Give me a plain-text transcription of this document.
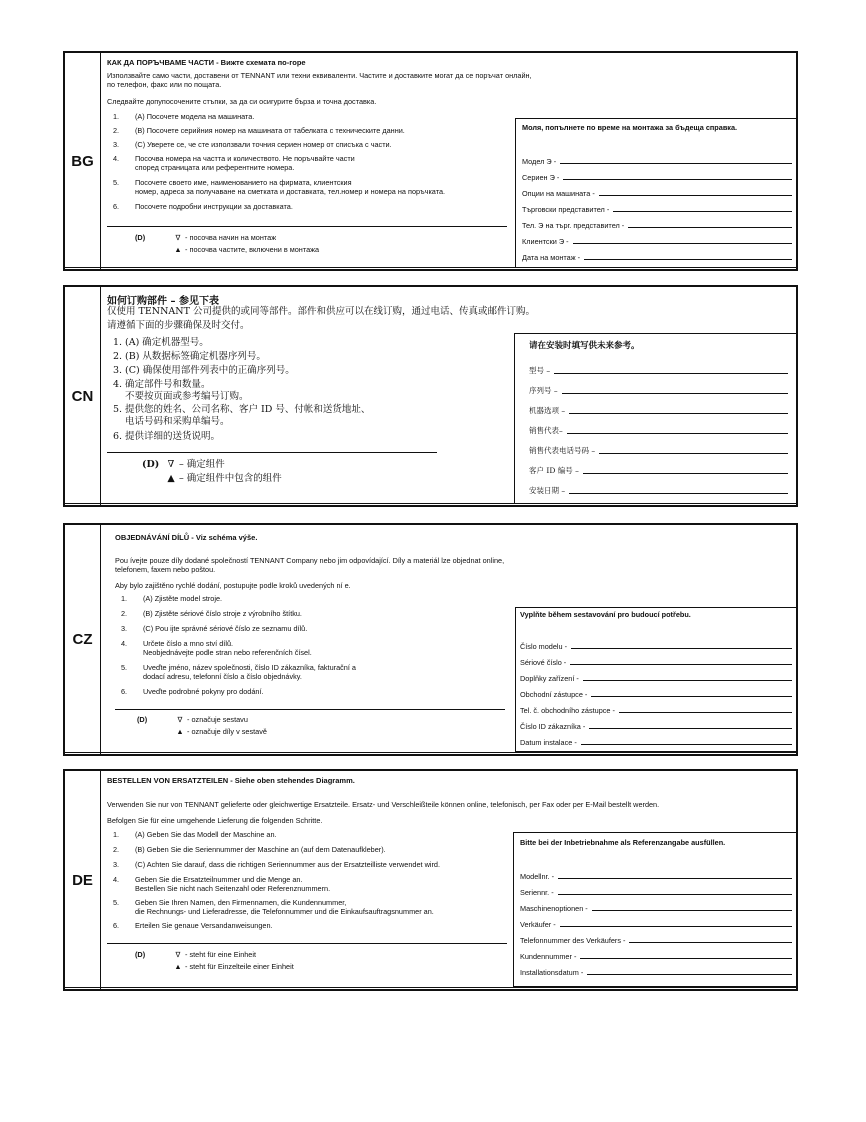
BG
КАК ДА ПОРЪЧВАМЕ ЧАСТИ - Вижте схемата по-горе
Използвайте само части, доставени от TENNANT или техни еквиваленти. Частите и доставките могат да се поръчат онлайн,
по телефон, факс или по пощата.
Следвайте допупосочените стъпки, за да си осигурите бърза и точна доставка.
1. (A) Посочете модела на машината.
2. (B) Посочете серийния номер на машината от табелката с техническите данни.
3. (C) Уверете се, че сте използвали точния сериен номер от списъка с части.
4. Посочва номера на частта и количеството. Не поръчвайте части
според страницата или референтните номера.
5. Посочете своето име, наименованието на фирмата, клиентския
номер, адреса за получаване на сметката и доставката, тел.номер и номера на поръчката.
6. Посочете подробни инструкции за доставката.
(D)	∇ - посочва начин на монтаж
▲ - посочва частите, включени в монтажа
Моля, попълнете по време на монтажа за бъдеща справка.
Модел Э -
Сериен Э -
Опции на машината -
Търговски представител -
Тел. Э на търг. представител -
Клиентски Э -
Дата на монтаж -
CN
如何订购部件 – 参见下表
仅使用 TENNANT 公司提供的或同等部件。部件和供应可以在线订购，通过电话、传真或邮件订购。
请遵循下面的步骤确保及时交付。
1. (A) 确定机器型号。
2. (B) 从数据标签确定机器序列号。
3. (C) 确保使用部件列表中的正确序列号。
4. 确定部件号和数量。
不要按页面或参考编号订购。
5. 提供您的姓名、公司名称、客户 ID 号、付帐和送货地址、
电话号码和采购单编号。
6. 提供详细的送货说明。
(D) ∇ – 确定组件
▲ – 确定组件中包含的组件
请在安装时填写供未来参考。
型号 –
序列号 –
机器选项 –
销售代表–
销售代表电话号码 –
客户 ID 编号 –
安装日期 –
CZ
OBJEDNÁVÁNÍ DÍLŮ - Viz schéma výše.
Pou ívejte pouze díly dodané společností TENNANT Company nebo jim odpovídající. Díly a materiál lze objednat online,
telefonem, faxem nebo poštou.
Aby bylo zajištěno rychlé dodání, postupujte podle kroků uvedených ní e.
1. (A) Zjistěte model stroje.
2. (B) Zjistěte sériové číslo stroje z výrobního štítku.
3. (C) Pou ijte správné sériové číslo ze seznamu dílů.
4. Určete číslo a mno ství dílů.
Neobjednávejte podle stran nebo referenčních čísel.
5. Uveďte jméno, název společnosti, číslo ID zákazníka, fakturační a
dodací adresu, telefonní číslo a číslo objednávky.
6. Uveďte podrobné pokyny pro dodání.
(D)	∇ - označuje sestavu
▲ - označuje díly v sestavě
Vyplňte během sestavování pro budoucí potřebu.
Číslo modelu -
Sériové číslo -
Doplňky zařízení -
Obchodní zástupce -
Tel. č. obchodního zástupce -
Číslo ID zákazníka -
Datum instalace -
DE
BESTELLEN VON ERSATZTEILEN - Siehe oben stehendes Diagramm.
Verwenden Sie nur von TENNANT gelieferte oder gleichwertige Ersatzteile. Ersatz- und Verschleißteile können online, telefonisch, per Fax oder per E-Mail bestellt werden.
Befolgen Sie für eine umgehende Lieferung die folgenden Schritte.
1. (A) Geben Sie das Modell der Maschine an.
2. (B) Geben Sie die Seriennummer der Maschine an (auf dem Datenaufkleber).
3. (C) Achten Sie darauf, dass die richtigen Seriennummer aus der Ersatzteilliste verwendet wird.
4. Geben Sie die Ersatzteilnummer und die Menge an.
Bestellen Sie nicht nach Seitenzahl oder Referenznummern.
5. Geben Sie Ihren Namen, den Firmennamen, die Kundennummer,
die Rechnungs- und Lieferadresse, die Telefonnummer und die Einkaufsauftragsnummer an.
6. Erteilen Sie genaue Versandanweisungen.
(D)	∇ - steht für eine Einheit
▲ - steht für Einzelteile einer Einheit
Bitte bei der Inbetriebnahme als Referenzangabe ausfüllen.
Modellnr. -
Seriennr. -
Maschinenoptionen -
Verkäufer -
Telefonnummer des Verkäufers -
Kundennummer -
Installationsdatum -
